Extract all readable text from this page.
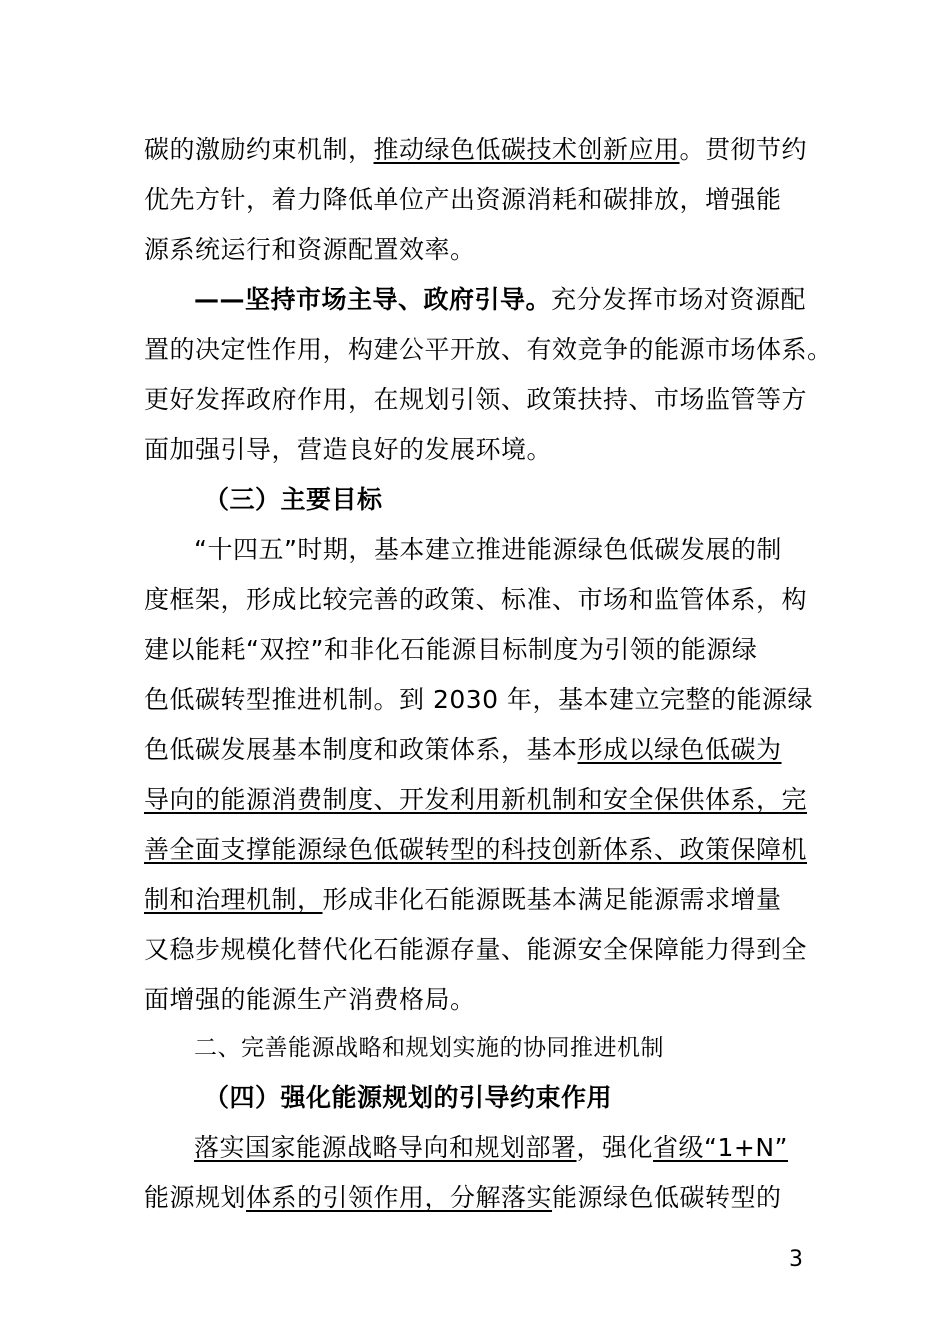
碳的激励约束机制，推动绿色低碳技术创新应用。贯彻节约
优先方针，着力降低单位产出资源消耗和碳排放，增强能
源系统运行和资源配置效率。
——坚持市场主导、政府引导。充分发挥市场对资源配
置的决定性作用，构建公平开放、有效竞争的能源市场体系。
更好发挥政府作用，在规划引领、政策扶持、市场监管等方
面加强引导，营造良好的发展环境。
（三）主要目标
“十四五”时期，基本建立推进能源绿色低碳发展的制
度框架，形成比较完善的政策、标准、市场和监管体系，构
建以能耗“双控”和非化石能源目标制度为引领的能源绿
色低碳转型推进机制。到 2030 年，基本建立完整的能源绿
色低碳发展基本制度和政策体系，基本形成以绿色低碳为
导向的能源消费制度、开发利用新机制和安全保供体系，完
善全面支撑能源绿色低碳转型的科技创新体系、政策保障机
制和治理机制，形成非化石能源既基本满足能源需求增量
又稳步规模化替代化石能源存量、能源安全保障能力得到全
面增强的能源生产消费格局。
二、完善能源战略和规划实施的协同推进机制
（四）强化能源规划的引导约束作用
落实国家能源战略导向和规划部署，强化省级“1+N”
能源规划体系的引领作用，分解落实能源绿色低碳转型的
3
